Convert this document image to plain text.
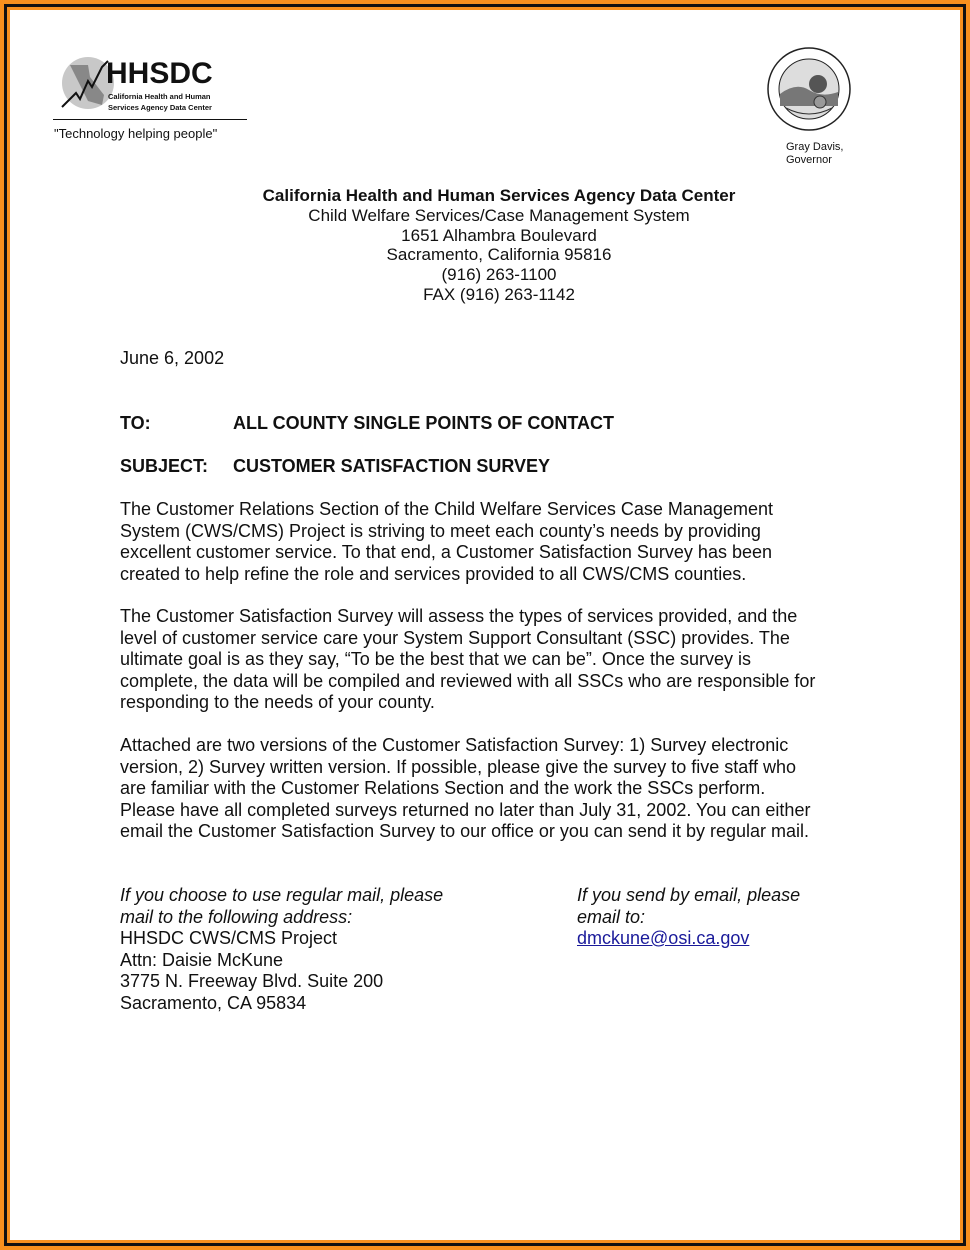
HHSDC
California Health and Human
Services Agency Data Center
"Technology helping people"
Gray Davis,
Governor
California Health and Human Services Agency Data Center
Child Welfare Services/Case Management System
1651 Alhambra Boulevard
Sacramento, California 95816
(916) 263-1100
FAX (916) 263-1142
June 6, 2002
TO:	ALL COUNTY SINGLE POINTS OF CONTACT
SUBJECT: CUSTOMER SATISFACTION SURVEY
The Customer Relations Section of the Child Welfare Services Case Management
System (CWS/CMS) Project is striving to meet each county’s needs by providing
excellent customer service. To that end, a Customer Satisfaction Survey has been
created to help refine the role and services provided to all CWS/CMS counties.
The Customer Satisfaction Survey will assess the types of services provided, and the
level of customer service care your System Support Consultant (SSC) provides. The
ultimate goal is as they say, “To be the best that we can be”. Once the survey is
complete, the data will be compiled and reviewed with all SSCs who are responsible for
responding to the needs of your county.
Attached are two versions of the Customer Satisfaction Survey: 1) Survey electronic
version, 2) Survey written version. If possible, please give the survey to five staff who
are familiar with the Customer Relations Section and the work the SSCs perform.
Please have all completed surveys returned no later than July 31, 2002. You can either
email the Customer Satisfaction Survey to our office or you can send it by regular mail.
If you choose to use regular mail, please
mail to the following address:
HHSDC CWS/CMS Project
Attn: Daisie McKune
3775 N. Freeway Blvd. Suite 200
Sacramento, CA 95834
If you send by email, please
email to:
dmckune@osi.ca.gov
